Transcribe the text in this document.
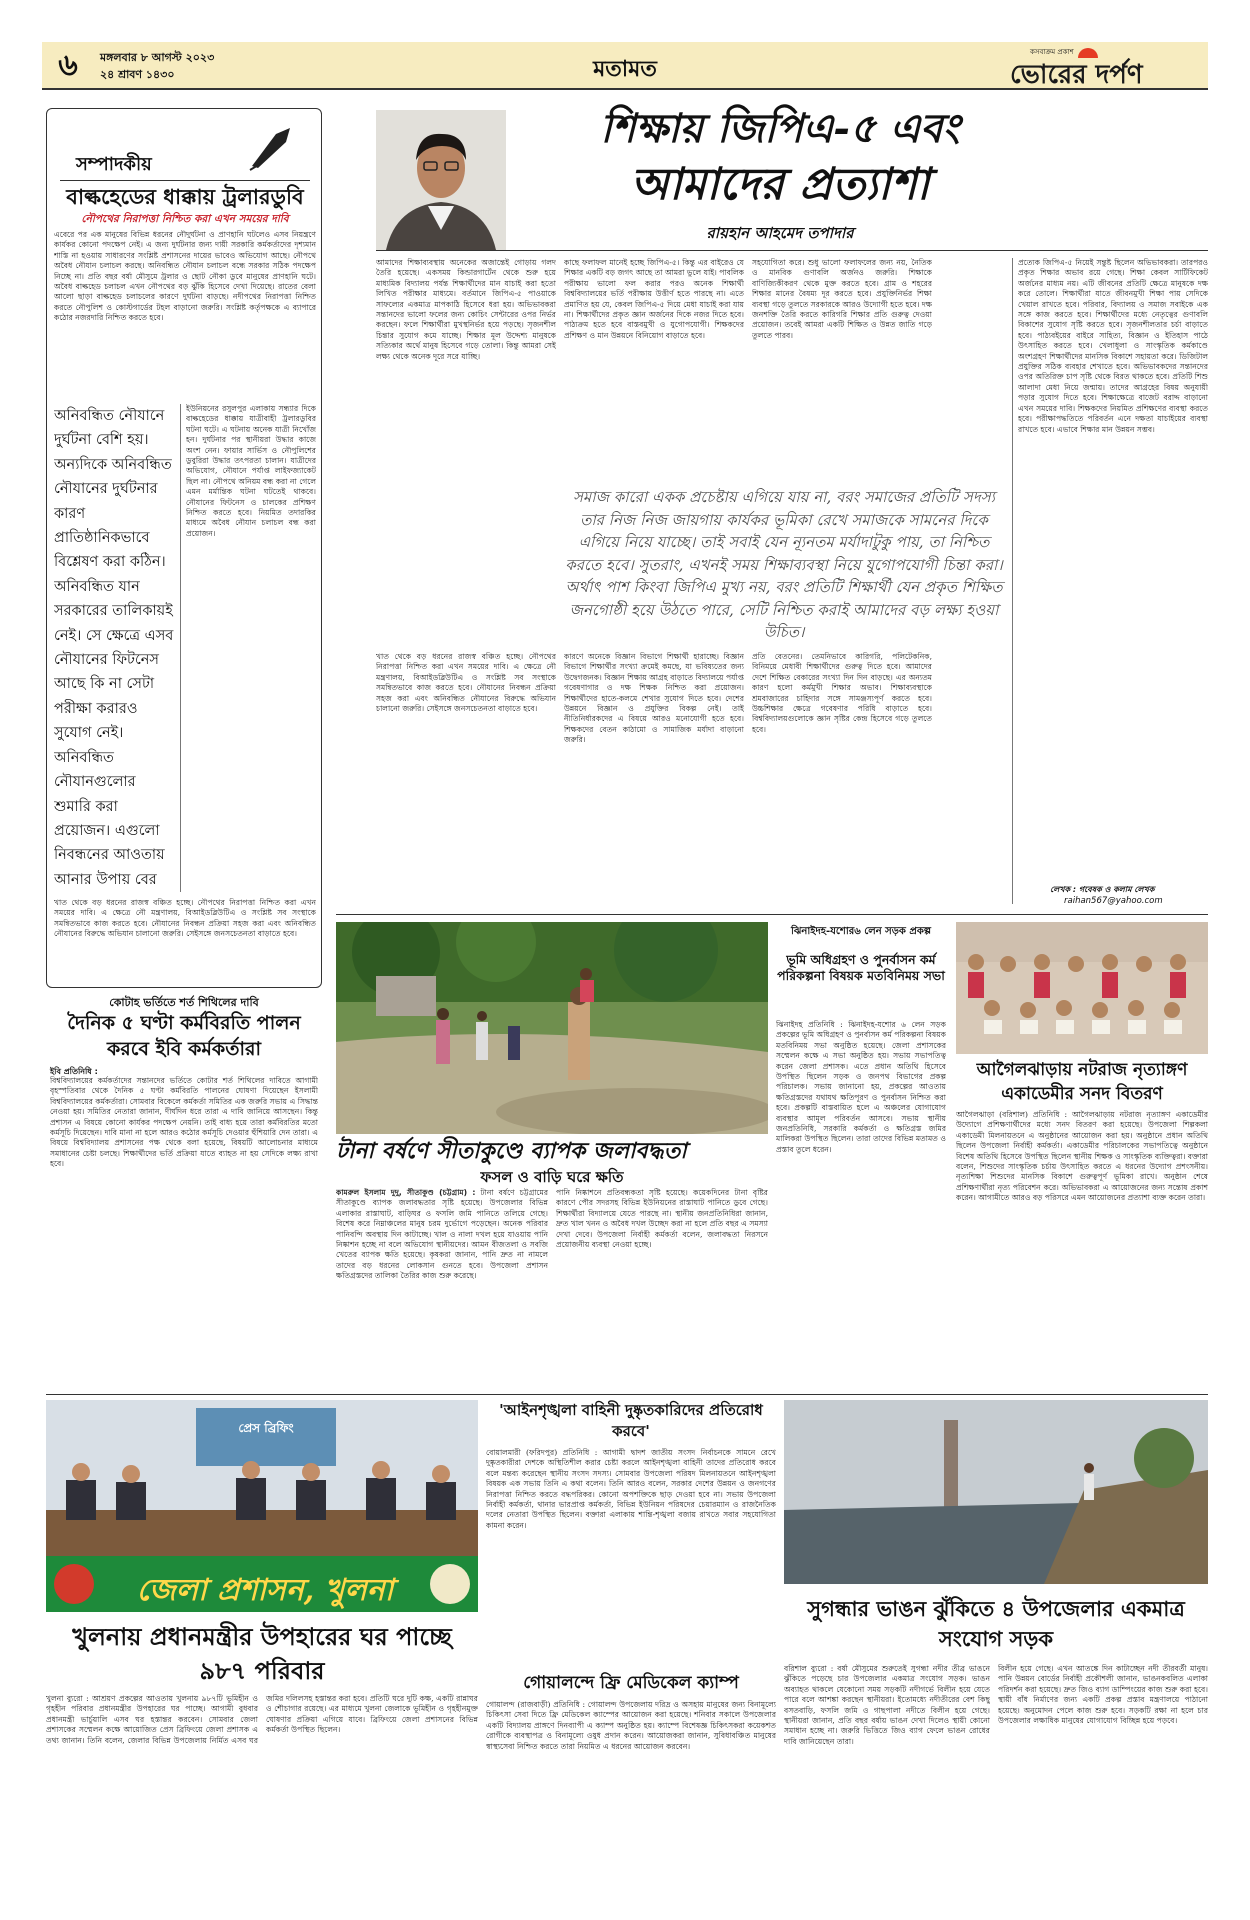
৬	মঙ্গলবার ৮ আগস্ট ২০২৩
২৪ শ্রাবণ ১৪৩০	মতামত
কসবাক্রম প্রকাশ
ভোরের দর্পণ
সম্পাদকীয়
বাল্কহেডের ধাক্কায় ট্রলারডুবি
নৌপথের নিরাপত্তা নিশ্চিত করা এখন সময়ের দাবি
এবেরে পর এক মানুষের বিভিন্ন ধরনের নৌদুর্ঘটনা ও প্রাণহানি ঘটলেও এসব নিয়ন্ত্রণে কার্যকর কোনো পদক্ষেপ নেই। এ জন্য দুর্ঘটনার জন্য দায়ী সরকারি কর্মকর্তাদের দৃশ্যমান শাস্তি না হওয়ায় সাধারণের সংশ্লিষ্ট প্রশাসনের দায়ের ভাবেও অভিযোগ আছে। নৌপথে অবৈধ নৌযান চলাচল করছে। অনিবন্ধিত নৌযান চলাচল বন্ধে সরকার সঠিক পদক্ষেপ নিচ্ছে না। প্রতি বছর বর্ষা মৌসুমে ট্রলার ও ছোট নৌকা ডুবে মানুষের প্রাণহানি ঘটে। অবৈধ বাল্কহেড চলাচল এখন নৌপথের বড় ঝুঁকি হিসেবে দেখা দিয়েছে। রাতের বেলা আলো ছাড়া বাল্কহেড চলাচলের কারণে দুর্ঘটনা বাড়ছে। নদীপথের নিরাপত্তা নিশ্চিত করতে নৌপুলিশ ও কোস্টগার্ডের টহল বাড়ানো জরুরি। সংশ্লিষ্ট কর্তৃপক্ষকে এ ব্যাপারে কঠোর নজরদারি নিশ্চিত করতে হবে।
অনিবন্ধিত নৌযানে দুর্ঘটনা বেশি হয়। অন্যদিকে অনিবন্ধিত নৌযানের দুর্ঘটনার কারণ প্রাতিষ্ঠানিকভাবে বিশ্লেষণ করা কঠিন। অনিবন্ধিত যান সরকারের তালিকায়ই নেই। সে ক্ষেত্রে এসব নৌযানের ফিটনেস আছে কি না সেটা পরীক্ষা করারও সুযোগ নেই। অনিবন্ধিত নৌযানগুলোর শুমারি করা প্রয়োজন। এগুলো নিবন্ধনের আওতায় আনার উপায় বের
ইউনিয়নের রসুলপুর এলাকায় সন্ধ্যার দিকে বাল্কহেডের ধাক্কায় যাত্রীবাহী ট্রলারডুবির ঘটনা ঘটে। এ ঘটনায় অনেক যাত্রী নিখোঁজ হন। দুর্ঘটনার পর স্থানীয়রা উদ্ধার কাজে অংশ নেন। ফায়ার সার্ভিস ও নৌপুলিশের ডুবুরিরা উদ্ধার তৎপরতা চালান। যাত্রীদের অভিযোগ, নৌযানে পর্যাপ্ত লাইফজ্যাকেট ছিল না। নৌপথে অনিয়ম বন্ধ করা না গেলে এমন মর্মান্তিক ঘটনা ঘটতেই থাকবে। নৌযানের ফিটনেস ও চালকের প্রশিক্ষণ নিশ্চিত করতে হবে। নিয়মিত তদারকির মাধ্যমে অবৈধ নৌযান চলাচল বন্ধ করা প্রয়োজন।
খাত থেকে বড় ধরনের রাজস্ব বঞ্চিত হচ্ছে। নৌপথের নিরাপত্তা নিশ্চিত করা এখন সময়ের দাবি। এ ক্ষেত্রে নৌ মন্ত্রণালয়, বিআইডব্লিউটিএ ও সংশ্লিষ্ট সব সংস্থাকে সমন্বিতভাবে কাজ করতে হবে। নৌযানের নিবন্ধন প্রক্রিয়া সহজ করা এবং অনিবন্ধিত নৌযানের বিরুদ্ধে অভিযান চালানো জরুরি। সেইসঙ্গে জনসচেতনতা বাড়াতে হবে।
শিক্ষায় জিপিএ-৫ এবং
আমাদের প্রত্যাশা
রায়হান আহমেদ তপাদার
আমাদের শিক্ষাব্যবস্থায় অনেকের অজান্তেই গোড়ায় গলদ তৈরি হয়েছে। একসময় কিন্ডারগার্টেন থেকে শুরু হয়ে মাধ্যমিক বিদ্যালয় পর্যন্ত শিক্ষার্থীদের মান যাচাই করা হতো লিখিত পরীক্ষার মাধ্যমে। বর্তমানে জিপিএ-৫ পাওয়াকে সাফল্যের একমাত্র মাপকাঠি হিসেবে ধরা হয়। অভিভাবকরা সন্তানদের ভালো ফলের জন্য কোচিং সেন্টারের ওপর নির্ভর করছেন। ফলে শিক্ষার্থীরা মুখস্থনির্ভর হয়ে পড়ছে। সৃজনশীল চিন্তার সুযোগ কমে যাচ্ছে। শিক্ষার মূল উদ্দেশ্য মানুষকে সত্যিকার অর্থে মানুষ হিসেবে গড়ে তোলা। কিন্তু আমরা সেই লক্ষ্য থেকে অনেক দূরে সরে যাচ্ছি।
কাছে ফলাফল মানেই হচ্ছে জিপিএ-৫। কিন্তু এর বাইরেও যে শিক্ষার একটি বড় জগৎ আছে তা আমরা ভুলে যাই। পাবলিক পরীক্ষায় ভালো ফল করার পরও অনেক শিক্ষার্থী বিশ্ববিদ্যালয়ের ভর্তি পরীক্ষায় উত্তীর্ণ হতে পারছে না। এতে প্রমাণিত হয় যে, কেবল জিপিএ-৫ দিয়ে মেধা যাচাই করা যায় না। শিক্ষার্থীদের প্রকৃত জ্ঞান অর্জনের দিকে নজর দিতে হবে। পাঠ্যক্রম হতে হবে বাস্তবমুখী ও যুগোপযোগী। শিক্ষকদের প্রশিক্ষণ ও মান উন্নয়নে বিনিয়োগ বাড়াতে হবে।
সহযোগিতা করে। শুধু ভালো ফলাফলের জন্য নয়, নৈতিক ও মানবিক গুণাবলি অর্জনও জরুরি। শিক্ষাকে বাণিজ্যিকীকরণ থেকে মুক্ত করতে হবে। গ্রাম ও শহরের শিক্ষার মানের বৈষম্য দূর করতে হবে। প্রযুক্তিনির্ভর শিক্ষা ব্যবস্থা গড়ে তুলতে সরকারকে আরও উদ্যোগী হতে হবে। দক্ষ জনশক্তি তৈরি করতে কারিগরি শিক্ষার প্রতি গুরুত্ব দেওয়া প্রয়োজন। তবেই আমরা একটি শিক্ষিত ও উন্নত জাতি গড়ে তুলতে পারব।
সমাজ কারো একক প্রচেষ্টায় এগিয়ে যায় না, বরং সমাজের প্রতিটি সদস্য তার নিজ নিজ জায়গায় কার্যকর ভূমিকা রেখে সমাজকে সামনের দিকে এগিয়ে নিয়ে যাচ্ছে। তাই সবাই যেন ন্যূনতম মর্যাদাটুকু পায়, তা নিশ্চিত করতে হবে। সুতরাং, এখনই সময় শিক্ষাব্যবস্থা নিয়ে যুগোপযোগী চিন্তা করা। অর্থাৎ পাশ কিংবা জিপিএ মুখ্য নয়, বরং প্রতিটি শিক্ষার্থী যেন প্রকৃত শিক্ষিত জনগোষ্ঠী হয়ে উঠতে পারে, সেটি নিশ্চিত করাই আমাদের বড় লক্ষ্য হওয়া উচিত।
কারণে অনেকে বিজ্ঞান বিভাগে শিক্ষার্থী হারাচ্ছে। বিজ্ঞান বিভাগে শিক্ষার্থীর সংখ্যা ক্রমেই কমছে, যা ভবিষ্যতের জন্য উদ্বেগজনক। বিজ্ঞান শিক্ষায় আগ্রহ বাড়াতে বিদ্যালয়ে পর্যাপ্ত গবেষণাগার ও দক্ষ শিক্ষক নিশ্চিত করা প্রয়োজন। শিক্ষার্থীদের হাতে-কলমে শেখার সুযোগ দিতে হবে। দেশের উন্নয়নে বিজ্ঞান ও প্রযুক্তির বিকল্প নেই। তাই নীতিনির্ধারকদের এ বিষয়ে আরও মনোযোগী হতে হবে। শিক্ষকদের বেতন কাঠামো ও সামাজিক মর্যাদা বাড়ানো জরুরি।
প্রতি বেতনের। তেমনিভাবে কারিগরি, পলিটেকনিক, বিনিময়ে মেধাবী শিক্ষার্থীদের গুরুত্ব দিতে হবে। আমাদের দেশে শিক্ষিত বেকারের সংখ্যা দিন দিন বাড়ছে। এর অন্যতম কারণ হলো কর্মমুখী শিক্ষার অভাব। শিক্ষাব্যবস্থাকে শ্রমবাজারের চাহিদার সঙ্গে সামঞ্জস্যপূর্ণ করতে হবে। উচ্চশিক্ষার ক্ষেত্রে গবেষণার পরিধি বাড়াতে হবে। বিশ্ববিদ্যালয়গুলোকে জ্ঞান সৃষ্টির কেন্দ্র হিসেবে গড়ে তুলতে হবে।
খাত থেকে বড় ধরনের রাজস্ব বঞ্চিত হচ্ছে। নৌপথের নিরাপত্তা নিশ্চিত করা এখন সময়ের দাবি। এ ক্ষেত্রে নৌ মন্ত্রণালয়, বিআইডব্লিউটিএ ও সংশ্লিষ্ট সব সংস্থাকে সমন্বিতভাবে কাজ করতে হবে। নৌযানের নিবন্ধন প্রক্রিয়া সহজ করা এবং অনিবন্ধিত নৌযানের বিরুদ্ধে অভিযান চালানো জরুরি। সেইসঙ্গে জনসচেতনতা বাড়াতে হবে।
প্রত্যেক জিপিএ-৫ নিয়েই সন্তুষ্ট ছিলেন অভিভাবকরা। তারপরও প্রকৃত শিক্ষার অভাব রয়ে গেছে। শিক্ষা কেবল সার্টিফিকেট অর্জনের মাধ্যম নয়। এটি জীবনের প্রতিটি ক্ষেত্রে মানুষকে দক্ষ করে তোলে। শিক্ষার্থীরা যাতে জীবনমুখী শিক্ষা পায় সেদিকে খেয়াল রাখতে হবে। পরিবার, বিদ্যালয় ও সমাজ সবাইকে এক সঙ্গে কাজ করতে হবে। শিক্ষার্থীদের মধ্যে নেতৃত্বের গুণাবলি বিকাশের সুযোগ সৃষ্টি করতে হবে। সৃজনশীলতার চর্চা বাড়াতে হবে। পাঠ্যবইয়ের বাইরে সাহিত্য, বিজ্ঞান ও ইতিহাস পাঠে উৎসাহিত করতে হবে। খেলাধুলা ও সাংস্কৃতিক কর্মকাণ্ডে অংশগ্রহণ শিক্ষার্থীদের মানসিক বিকাশে সহায়তা করে। ডিজিটাল প্রযুক্তির সঠিক ব্যবহার শেখাতে হবে। অভিভাবকদের সন্তানদের ওপর অতিরিক্ত চাপ সৃষ্টি থেকে বিরত থাকতে হবে। প্রতিটি শিশু আলাদা মেধা নিয়ে জন্মায়। তাদের আগ্রহের বিষয় অনুযায়ী পড়ার সুযোগ দিতে হবে। শিক্ষাক্ষেত্রে বাজেট বরাদ্দ বাড়ানো এখন সময়ের দাবি। শিক্ষকদের নিয়মিত প্রশিক্ষণের ব্যবস্থা করতে হবে। পরীক্ষাপদ্ধতিতে পরিবর্তন এনে দক্ষতা যাচাইয়ের ব্যবস্থা রাখতে হবে। এভাবে শিক্ষার মান উন্নয়ন সম্ভব।
লেখক : গবেষক ও কলাম লেখক
raihan567@yahoo.com
কোটাহ ভর্তিতে শর্ত শিথিলের দাবি
দৈনিক ৫ ঘণ্টা কর্মবিরতি পালন করবে ইবি কর্মকর্তারা
ইবি প্রতিনিধি :
বিশ্ববিদ্যালয়ের কর্মকর্তাদের সন্তানদের ভর্তিতে কোটার শর্ত শিথিলের দাবিতে আগামী বৃহস্পতিবার থেকে দৈনিক ৫ ঘণ্টা কর্মবিরতি পালনের ঘোষণা দিয়েছেন ইসলামী বিশ্ববিদ্যালয়ের কর্মকর্তারা। সোমবার বিকেলে কর্মকর্তা সমিতির এক জরুরি সভায় এ সিদ্ধান্ত নেওয়া হয়। সমিতির নেতারা জানান, দীর্ঘদিন ধরে তারা এ দাবি জানিয়ে আসছেন। কিন্তু প্রশাসন এ বিষয়ে কোনো কার্যকর পদক্ষেপ নেয়নি। তাই বাধ্য হয়ে তারা কর্মবিরতির মতো কর্মসূচি দিয়েছেন। দাবি মানা না হলে আরও কঠোর কর্মসূচি দেওয়ার হুঁশিয়ারি দেন তারা। এ বিষয়ে বিশ্ববিদ্যালয় প্রশাসনের পক্ষ থেকে বলা হয়েছে, বিষয়টি আলোচনার মাধ্যমে সমাধানের চেষ্টা চলছে। শিক্ষার্থীদের ভর্তি প্রক্রিয়া যাতে ব্যাহত না হয় সেদিকে লক্ষ্য রাখা হবে।	টানা বর্ষণে সীতাকুণ্ডে ব্যাপক জলাবদ্ধতা
ফসল ও বাড়ি ঘরে ক্ষতি
কামরুল ইসলাম দুদু, সীতাকুণ্ড (চট্টগ্রাম) : টানা বর্ষণে চট্টগ্রামের সীতাকুণ্ডে ব্যাপক জলাবদ্ধতার সৃষ্টি হয়েছে। উপজেলার বিভিন্ন এলাকার রাস্তাঘাট, বাড়িঘর ও ফসলি জমি পানিতে তলিয়ে গেছে। বিশেষ করে নিম্নাঞ্চলের মানুষ চরম দুর্ভোগে পড়েছেন। অনেক পরিবার পানিবন্দি অবস্থায় দিন কাটাচ্ছে। খাল ও নালা দখল হয়ে যাওয়ায় পানি নিষ্কাশন হচ্ছে না বলে অভিযোগ স্থানীয়দের। আমন বীজতলা ও সবজি খেতের ব্যাপক ক্ষতি হয়েছে। কৃষকরা জানান, পানি দ্রুত না নামলে তাদের বড় ধরনের লোকসান গুনতে হবে। উপজেলা প্রশাসন ক্ষতিগ্রস্তদের তালিকা তৈরির কাজ শুরু করেছে।
পানি নিষ্কাশনে প্রতিবন্ধকতা সৃষ্টি হয়েছে। কয়েকদিনের টানা বৃষ্টির কারণে পৌর সদরসহ বিভিন্ন ইউনিয়নের রাস্তাঘাট পানিতে ডুবে গেছে। শিক্ষার্থীরা বিদ্যালয়ে যেতে পারছে না। স্থানীয় জনপ্রতিনিধিরা জানান, দ্রুত খাল খনন ও অবৈধ দখল উচ্ছেদ করা না হলে প্রতি বছর এ সমস্যা দেখা দেবে। উপজেলা নির্বাহী কর্মকর্তা বলেন, জলাবদ্ধতা নিরসনে প্রয়োজনীয় ব্যবস্থা নেওয়া হচ্ছে।
ঝিনাইদহ-যশোর৬ লেন সড়ক প্রকল্প
ভূমি অধিগ্রহণ ও পুনর্বাসন কর্ম পরিকল্পনা বিষয়ক মতবিনিময় সভা
ঝিনাইদহ প্রতিনিধি : ঝিনাইদহ-যশোর ৬ লেন সড়ক প্রকল্পের ভূমি অধিগ্রহণ ও পুনর্বাসন কর্ম পরিকল্পনা বিষয়ক মতবিনিময় সভা অনুষ্ঠিত হয়েছে। জেলা প্রশাসকের সম্মেলন কক্ষে এ সভা অনুষ্ঠিত হয়। সভায় সভাপতিত্ব করেন জেলা প্রশাসক। এতে প্রধান অতিথি হিসেবে উপস্থিত ছিলেন সড়ক ও জনপথ বিভাগের প্রকল্প পরিচালক। সভায় জানানো হয়, প্রকল্পের আওতায় ক্ষতিগ্রস্তদের যথাযথ ক্ষতিপূরণ ও পুনর্বাসন নিশ্চিত করা হবে। প্রকল্পটি বাস্তবায়িত হলে এ অঞ্চলের যোগাযোগ ব্যবস্থার আমূল পরিবর্তন আসবে। সভায় স্থানীয় জনপ্রতিনিধি, সরকারি কর্মকর্তা ও ক্ষতিগ্রস্ত জমির মালিকরা উপস্থিত ছিলেন। তারা তাদের বিভিন্ন মতামত ও প্রস্তাব তুলে ধরেন।
আগৈলঝাড়ায় নটরাজ নৃত্যাঙ্গণ একাডেমীর সনদ বিতরণ
আগৈলঝাড়া (বরিশাল) প্রতিনিধি : আগৈলঝাড়ায় নটরাজ নৃত্যাঙ্গণ একাডেমীর উদ্যোগে প্রশিক্ষণার্থীদের মধ্যে সনদ বিতরণ করা হয়েছে। উপজেলা শিল্পকলা একাডেমী মিলনায়তনে এ অনুষ্ঠানের আয়োজন করা হয়। অনুষ্ঠানে প্রধান অতিথি ছিলেন উপজেলা নির্বাহী কর্মকর্তা। একাডেমীর পরিচালকের সভাপতিত্বে অনুষ্ঠানে বিশেষ অতিথি হিসেবে উপস্থিত ছিলেন স্থানীয় শিক্ষক ও সাংস্কৃতিক ব্যক্তিত্বরা। বক্তারা বলেন, শিশুদের সাংস্কৃতিক চর্চায় উৎসাহিত করতে এ ধরনের উদ্যোগ প্রশংসনীয়। নৃত্যশিক্ষা শিশুদের মানসিক বিকাশে গুরুত্বপূর্ণ ভূমিকা রাখে। অনুষ্ঠান শেষে প্রশিক্ষণার্থীরা নৃত্য পরিবেশন করে। অভিভাবকরা এ আয়োজনের জন্য সন্তোষ প্রকাশ করেন। আগামীতে আরও বড় পরিসরে এমন আয়োজনের প্রত্যাশা ব্যক্ত করেন তারা।
প্রেস ব্রিফিং
জেলা প্রশাসন, খুলনা
খুলনায় প্রধানমন্ত্রীর উপহারের ঘর পাচ্ছে ৯৮৭ পরিবার
খুলনা ব্যুরো : আশ্রয়ণ প্রকল্পের আওতায় খুলনায় ৯৮৭টি ভূমিহীন ও গৃহহীন পরিবার প্রধানমন্ত্রীর উপহারের ঘর পাচ্ছে। আগামী বুধবার প্রধানমন্ত্রী ভার্চুয়ালি এসব ঘর হস্তান্তর করবেন। সোমবার জেলা প্রশাসকের সম্মেলন কক্ষে আয়োজিত প্রেস ব্রিফিংয়ে জেলা প্রশাসক এ তথ্য জানান। তিনি বলেন, জেলার বিভিন্ন উপজেলায় নির্মিত এসব ঘর জমির দলিলসহ হস্তান্তর করা হবে। প্রতিটি ঘরে দুটি কক্ষ, একটি রান্নাঘর ও শৌচাগার রয়েছে। এর মাধ্যমে খুলনা জেলাকে ভূমিহীন ও গৃহহীনমুক্ত ঘোষণার প্রক্রিয়া এগিয়ে যাবে। ব্রিফিংয়ে জেলা প্রশাসনের বিভিন্ন কর্মকর্তা উপস্থিত ছিলেন।
'আইনশৃঙ্খলা বাহিনী দুষ্কৃতকারিদের প্রতিরোধ করবে'
বোয়ালমারী (ফরিদপুর) প্রতিনিধি : আগামী দ্বাদশ জাতীয় সংসদ নির্বাচনকে সামনে রেখে দুষ্কৃতকারীরা দেশকে অস্থিতিশীল করার চেষ্টা করলে আইনশৃঙ্খলা বাহিনী তাদের প্রতিরোধ করবে বলে মন্তব্য করেছেন স্থানীয় সংসদ সদস্য। সোমবার উপজেলা পরিষদ মিলনায়তনে আইনশৃঙ্খলা বিষয়ক এক সভায় তিনি এ কথা বলেন। তিনি আরও বলেন, সরকার দেশের উন্নয়ন ও জনগণের নিরাপত্তা নিশ্চিত করতে বদ্ধপরিকর। কোনো অপশক্তিকে ছাড় দেওয়া হবে না। সভায় উপজেলা নির্বাহী কর্মকর্তা, থানার ভারপ্রাপ্ত কর্মকর্তা, বিভিন্ন ইউনিয়ন পরিষদের চেয়ারম্যান ও রাজনৈতিক দলের নেতারা উপস্থিত ছিলেন। বক্তারা এলাকায় শান্তি-শৃঙ্খলা বজায় রাখতে সবার সহযোগিতা কামনা করেন।
গোয়ালন্দে ফ্রি মেডিকেল ক্যাম্প
গোয়ালন্দ (রাজবাড়ী) প্রতিনিধি : গোয়ালন্দ উপজেলায় দরিদ্র ও অসহায় মানুষের জন্য বিনামূল্যে চিকিৎসা সেবা দিতে ফ্রি মেডিকেল ক্যাম্পের আয়োজন করা হয়েছে। শনিবার সকালে উপজেলার একটি বিদ্যালয় প্রাঙ্গণে দিনব্যাপী এ ক্যাম্প অনুষ্ঠিত হয়। ক্যাম্পে বিশেষজ্ঞ চিকিৎসকরা কয়েকশত রোগীকে ব্যবস্থাপত্র ও বিনামূল্যে ওষুধ প্রদান করেন। আয়োজকরা জানান, সুবিধাবঞ্চিত মানুষের স্বাস্থ্যসেবা নিশ্চিত করতে তারা নিয়মিত এ ধরনের আয়োজন করবেন।
সুগন্ধার ভাঙন ঝুঁকিতে ৪ উপজেলার একমাত্র সংযোগ সড়ক
বরিশাল ব্যুরো : বর্ষা মৌসুমের শুরুতেই সুগন্ধা নদীর তীব্র ভাঙনে ঝুঁকিতে পড়েছে চার উপজেলার একমাত্র সংযোগ সড়ক। ভাঙন অব্যাহত থাকলে যেকোনো সময় সড়কটি নদীগর্ভে বিলীন হয়ে যেতে পারে বলে আশঙ্কা করছেন স্থানীয়রা। ইতোমধ্যে নদীতীরের বেশ কিছু বসতবাড়ি, ফসলি জমি ও গাছপালা নদীতে বিলীন হয়ে গেছে। স্থানীয়রা জানান, প্রতি বছর বর্ষায় ভাঙন দেখা দিলেও স্থায়ী কোনো সমাধান হচ্ছে না। জরুরি ভিত্তিতে জিও ব্যাগ ফেলে ভাঙন রোধের দাবি জানিয়েছেন তারা।
বিলীন হয়ে গেছে। এখন আতঙ্কে দিন কাটাচ্ছেন নদী তীরবর্তী মানুষ। পানি উন্নয়ন বোর্ডের নির্বাহী প্রকৌশলী জানান, ভাঙনকবলিত এলাকা পরিদর্শন করা হয়েছে। দ্রুত জিও ব্যাগ ডাম্পিংয়ের কাজ শুরু করা হবে। স্থায়ী বাঁধ নির্মাণের জন্য একটি প্রকল্প প্রস্তাব মন্ত্রণালয়ে পাঠানো হয়েছে। অনুমোদন পেলে কাজ শুরু হবে। সড়কটি রক্ষা না হলে চার উপজেলার লক্ষাধিক মানুষের যোগাযোগ বিচ্ছিন্ন হয়ে পড়বে।
